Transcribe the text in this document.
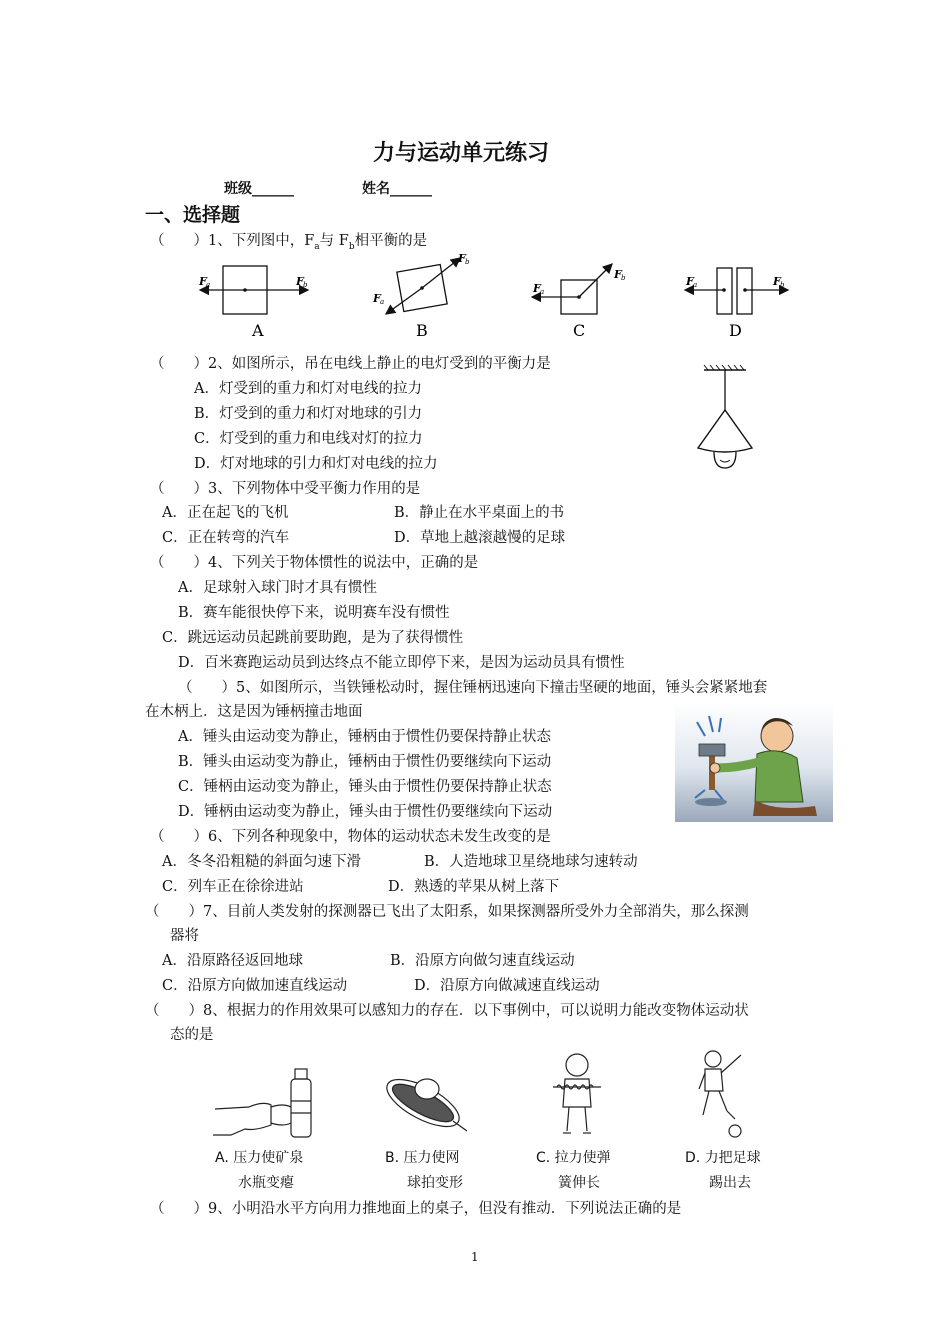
力与运动单元练习
班级______	姓名______
一、选择题
（　　）1、下列图中，$F_a$与 $F_b$相平衡的是
F a	F b
A
F b
F a
B
F a
F b
C
F a	F b
D
（　　）2、如图所示，吊在电线上静止的电灯受到的平衡力是
A．灯受到的重力和灯对电线的拉力
B．灯受到的重力和灯对地球的引力
C．灯受到的重力和电线对灯的拉力
D．灯对地球的引力和灯对电线的拉力
（　　）3、下列物体中受平衡力作用的是
A．正在起飞的飞机	B．静止在水平桌面上的书
C．正在转弯的汽车	D．草地上越滚越慢的足球
（　　）4、下列关于物体惯性的说法中，正确的是
A．足球射入球门时才具有惯性
B．赛车能很快停下来，说明赛车没有惯性
C．跳远运动员起跳前要助跑，是为了获得惯性
D．百米赛跑运动员到达终点不能立即停下来，是因为运动员具有惯性
（　　）5、如图所示，当铁锤松动时，握住锤柄迅速向下撞击坚硬的地面，锤头会紧紧地套
在木柄上．这是因为锤柄撞击地面
A．锤头由运动变为静止，锤柄由于惯性仍要保持静止状态
B．锤头由运动变为静止，锤柄由于惯性仍要继续向下运动
C．锤柄由运动变为静止，锤头由于惯性仍要保持静止状态
D．锤柄由运动变为静止，锤头由于惯性仍要继续向下运动
（　　）6、下列各种现象中，物体的运动状态未发生改变的是
A．冬冬沿粗糙的斜面匀速下滑	B．人造地球卫星绕地球匀速转动
C．列车正在徐徐进站	D．熟透的苹果从树上落下
（　　）7、目前人类发射的探测器已飞出了太阳系，如果探测器所受外力全部消失，那么探测
器将
A．沿原路径返回地球	B．沿原方向做匀速直线运动
C．沿原方向做加速直线运动	D．沿原方向做减速直线运动
（　　）8、根据力的作用效果可以感知力的存在．以下事例中，可以说明力能改变物体运动状
态的是
A. 压力使矿泉
水瓶变瘪
B. 压力使网
球拍变形
C. 拉力使弹
簧伸长
D. 力把足球
踢出去
（　　）9、小明沿水平方向用力推地面上的桌子，但没有推动．下列说法正确的是
1
